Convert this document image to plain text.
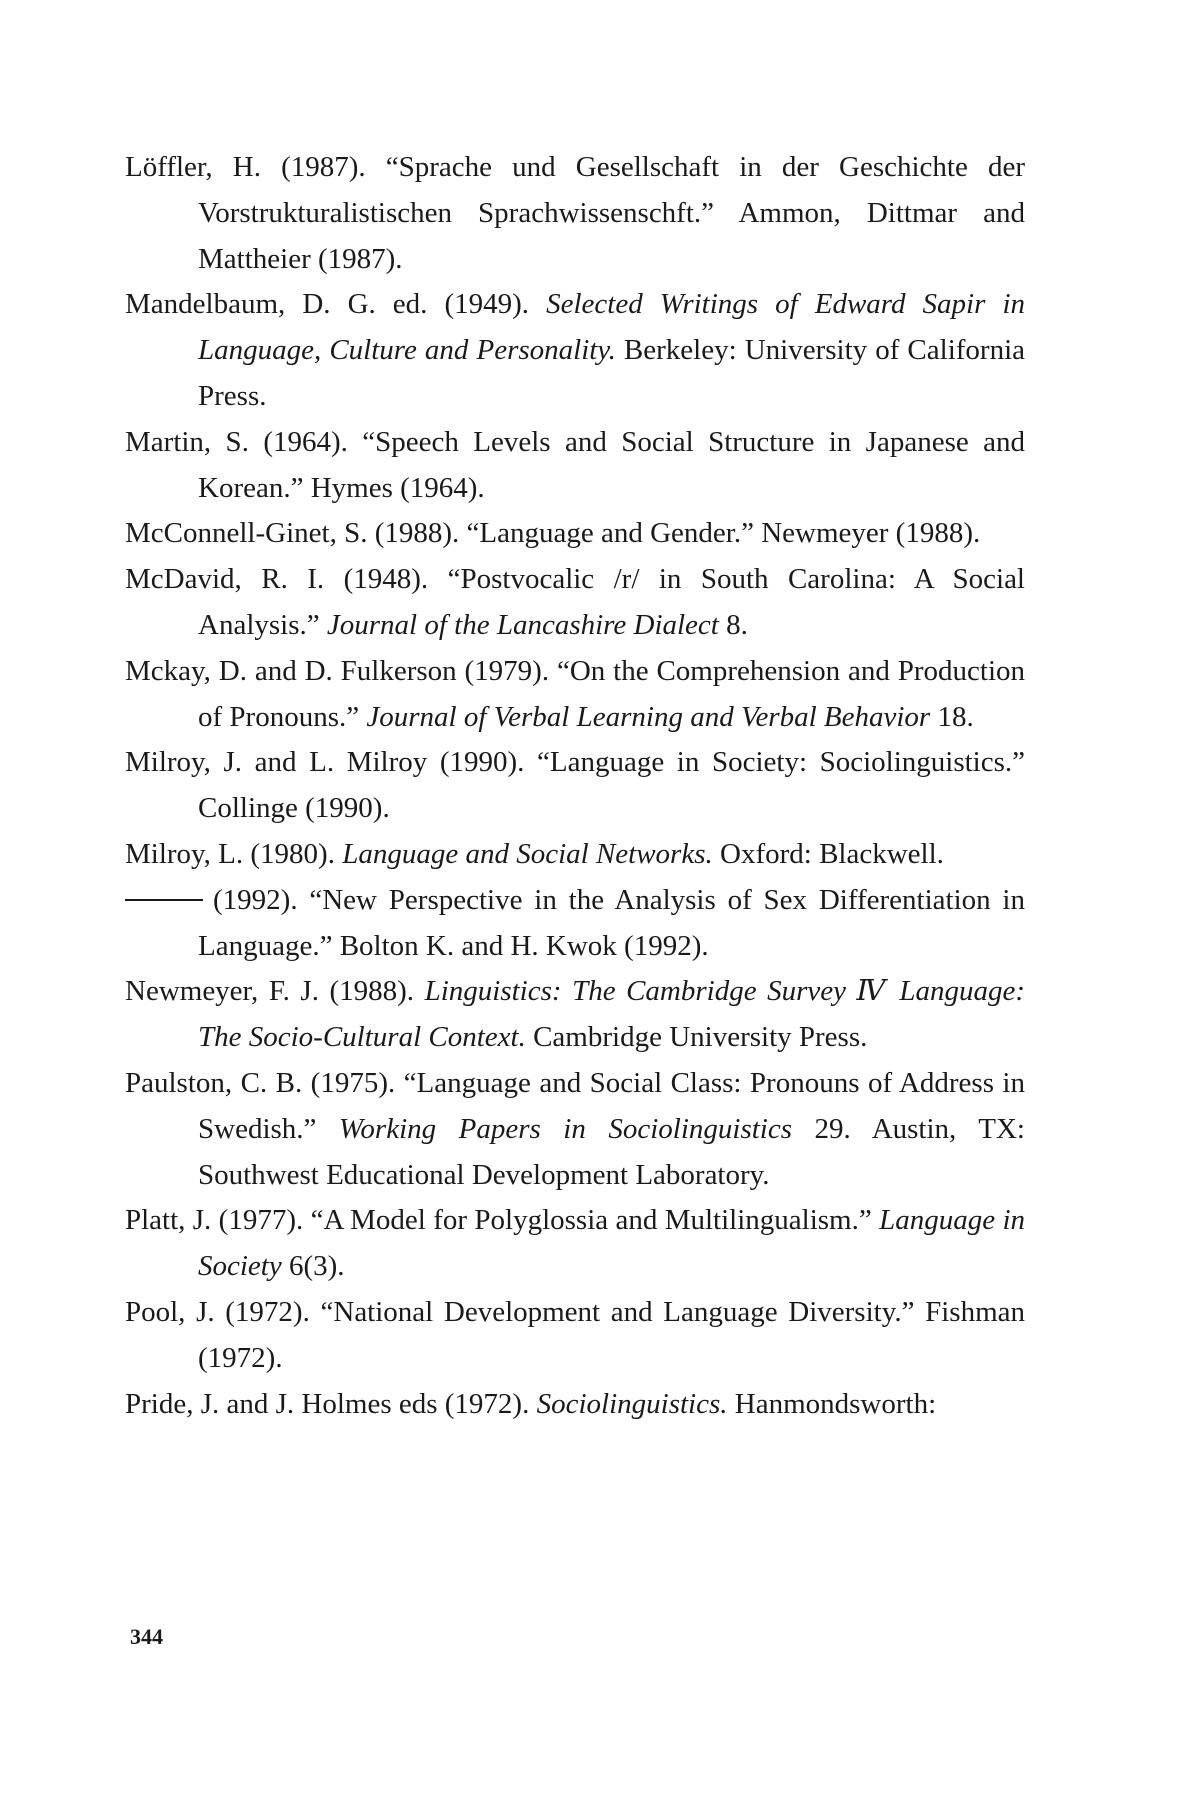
Löffler, H. (1987). “Sprache und Gesellschaft in der Geschichte der Vorstrukturalistischen Sprachwissenschft.” Ammon, Dittmar and Mattheier (1987).

Mandelbaum, D. G. ed. (1949). Selected Writings of Edward Sapir in Language, Culture and Personality. Berkeley: University of California Press.

Martin, S. (1964). “Speech Levels and Social Structure in Japanese and Korean.” Hymes (1964).

McConnell-Ginet, S. (1988). “Language and Gender.” Newmeyer (1988).

McDavid, R. I. (1948). “Postvocalic /r/ in South Carolina: A Social Analysis.” Journal of the Lancashire Dialect 8.

Mckay, D. and D. Fulkerson (1979). “On the Comprehension and Production of Pronouns.” Journal of Verbal Learning and Verbal Behavior 18.

Milroy, J. and L. Milroy (1990). “Language in Society: Sociolinguistics.” Collinge (1990).

Milroy, L. (1980). Language and Social Networks. Oxford: Blackwell.

(1992). “New Perspective in the Analysis of Sex Differentiation in Language.” Bolton K. and H. Kwok (1992).

Newmeyer, F. J. (1988). Linguistics: The Cambridge Survey Ⅳ Language: The Socio-Cultural Context. Cambridge University Press.

Paulston, C. B. (1975). “Language and Social Class: Pronouns of Address in Swedish.” Working Papers in Sociolinguistics 29. Austin, TX: Southwest Educational Development Laboratory.

Platt, J. (1977). “A Model for Polyglossia and Multilingualism.” Language in Society 6(3).

Pool, J. (1972). “National Development and Language Diversity.” Fishman (1972).

Pride, J. and J. Holmes eds (1972). Sociolinguistics. Hanmondsworth:

344
